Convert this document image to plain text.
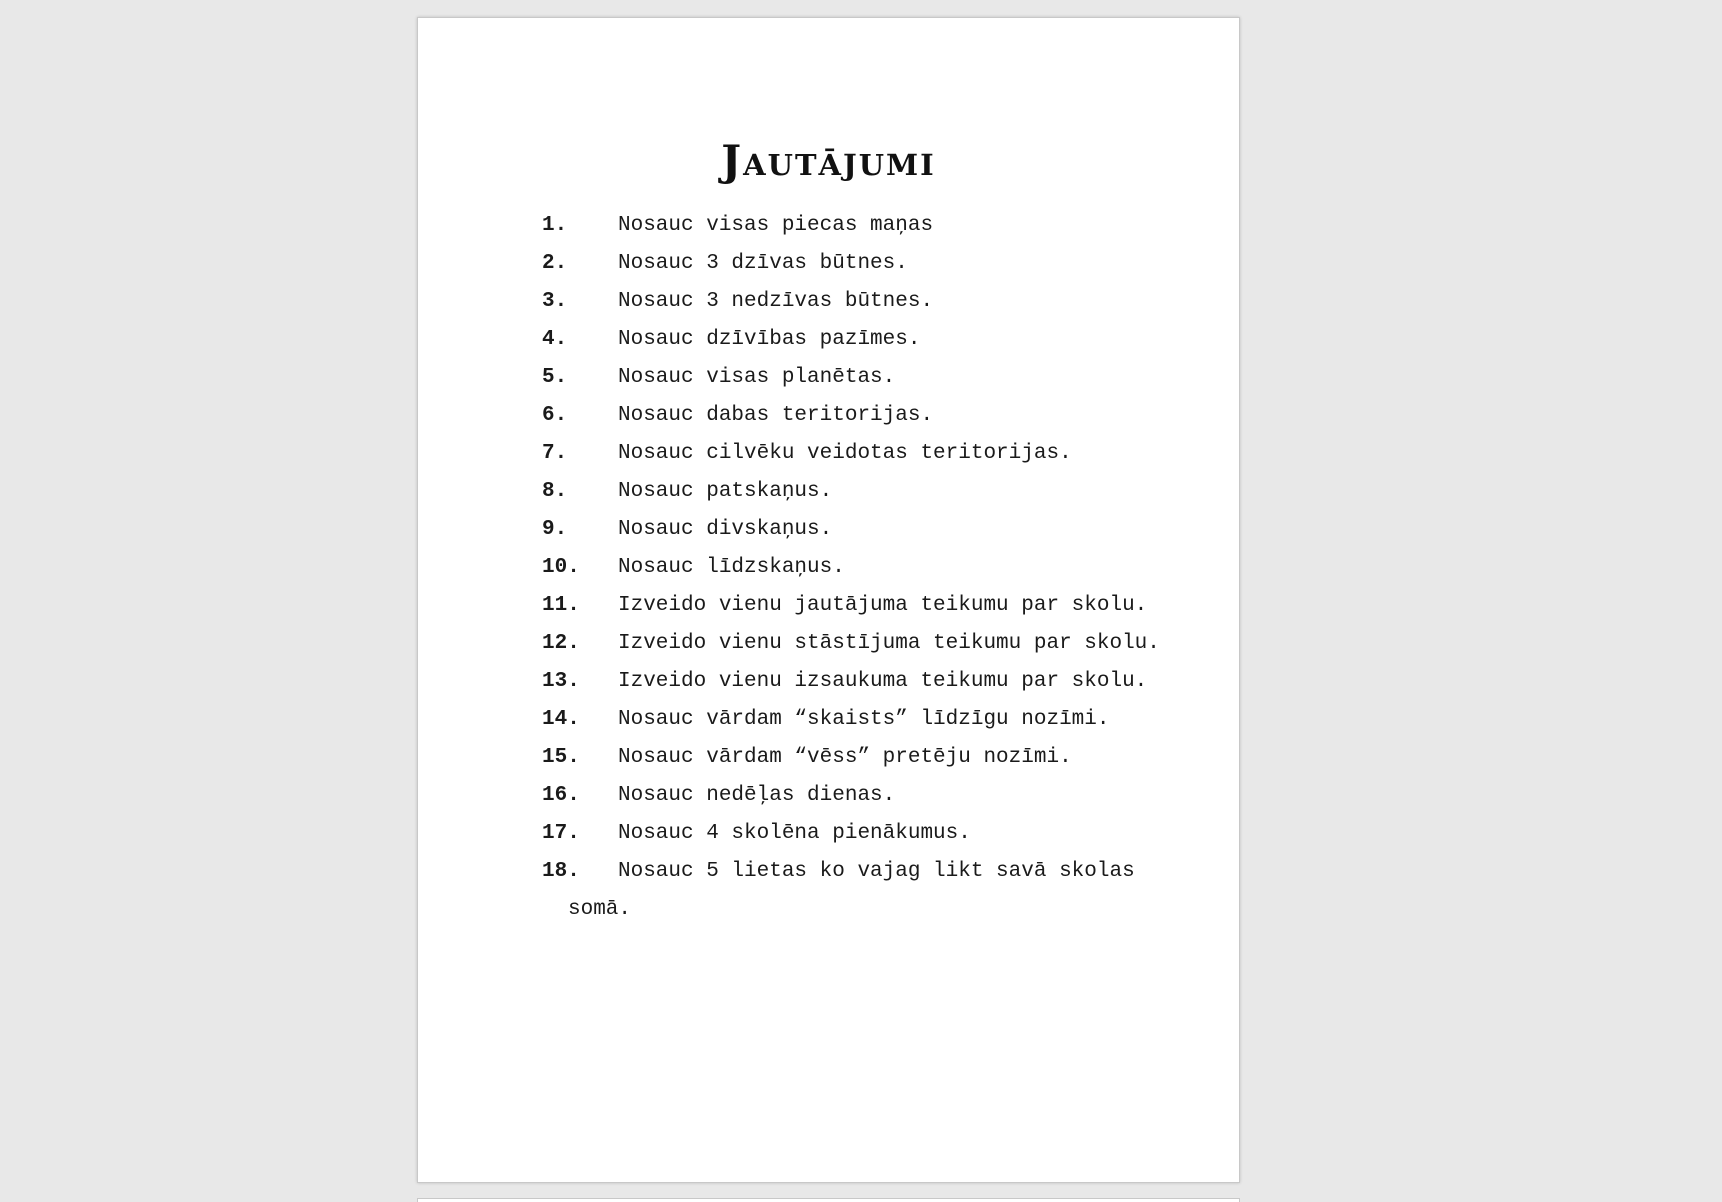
Jautājumi
1. Nosauc visas piecas maņas
2. Nosauc 3 dzīvas būtnes.
3. Nosauc 3 nedzīvas būtnes.
4. Nosauc dzīvības pazīmes.
5. Nosauc visas planētas.
6. Nosauc dabas teritorijas.
7. Nosauc cilvēku veidotas teritorijas.
8. Nosauc patskaņus.
9. Nosauc divskaņus.
10. Nosauc līdzskaņus.
11. Izveido vienu jautājuma teikumu par skolu.
12. Izveido vienu stāstījuma teikumu par skolu.
13. Izveido vienu izsaukuma teikumu par skolu.
14. Nosauc vārdam “skaists” līdzīgu nozīmi.
15. Nosauc vārdam “vēss” pretēju nozīmi.
16. Nosauc nedēļas dienas.
17. Nosauc 4 skolēna pienākumus.
18. Nosauc 5 lietas ko vajag likt savā skolas somā.
